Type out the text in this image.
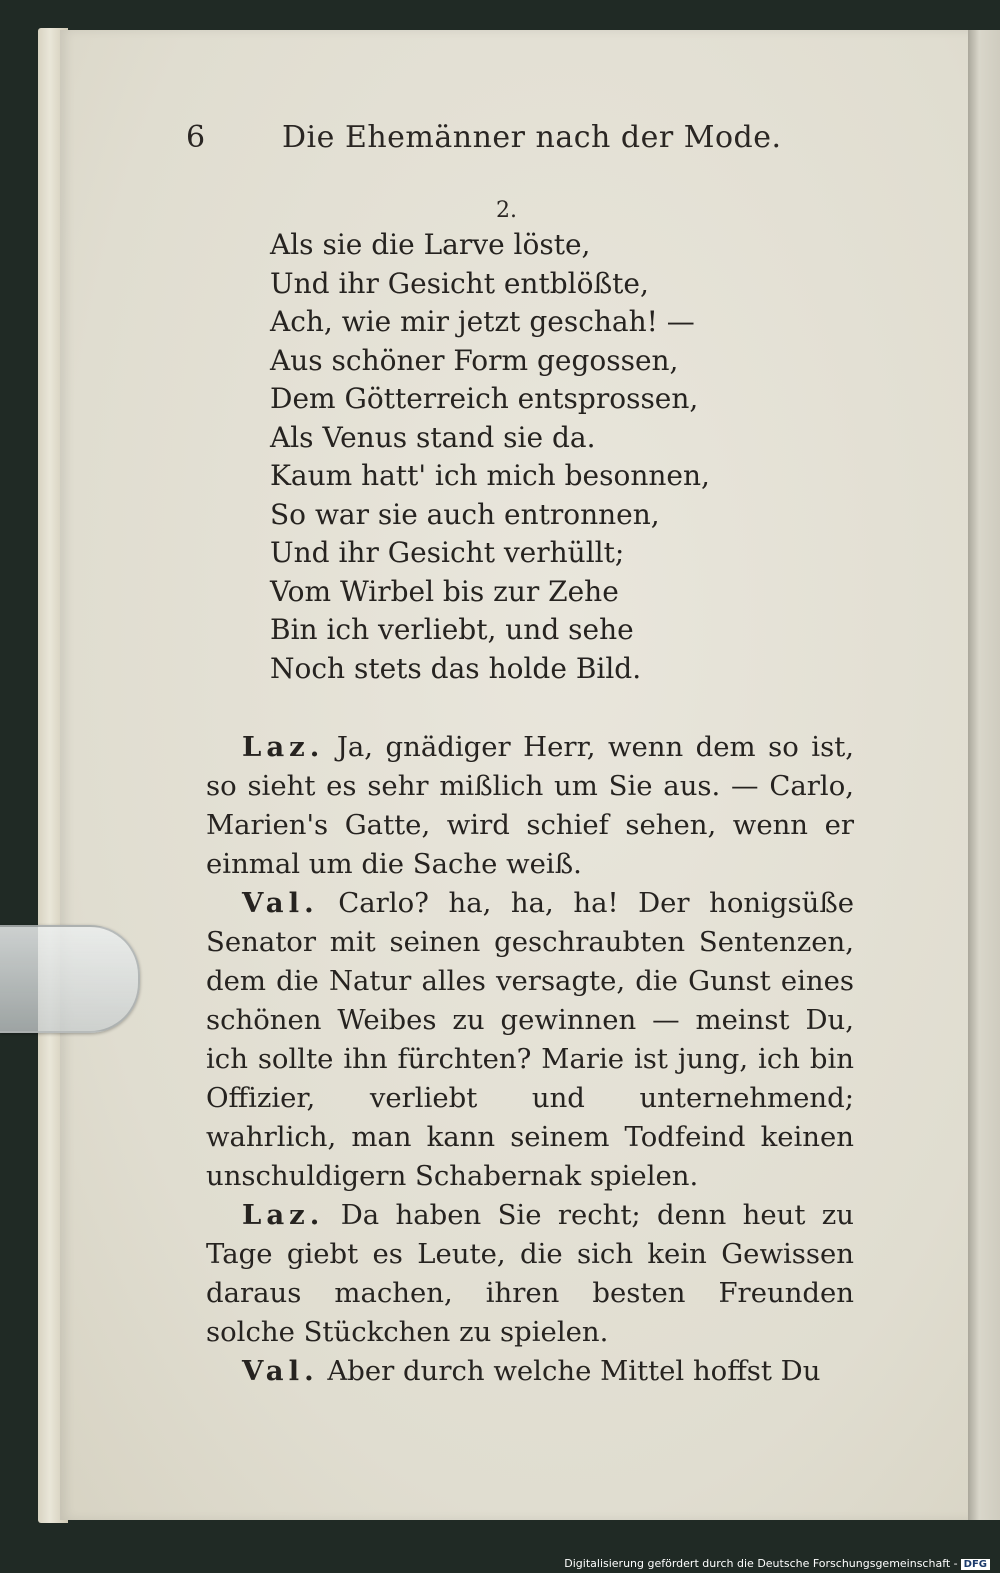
6	Die Ehemänner nach der Mode.
2.
Als sie die Larve löste,
Und ihr Gesicht entblößte,
Ach, wie mir jetzt geschah! —
Aus schöner Form gegossen,
Dem Götterreich entsprossen,
Als Venus stand sie da.
Kaum hatt' ich mich besonnen,
So war sie auch entronnen,
Und ihr Gesicht verhüllt;
Vom Wirbel bis zur Zehe
Bin ich verliebt, und sehe
Noch stets das holde Bild.

Laz. Ja, gnädiger Herr, wenn dem so ist, so sieht es sehr mißlich um Sie aus. — Carlo, Marien's Gatte, wird schief sehen, wenn er einmal um die Sache weiß.

Val. Carlo? ha, ha, ha! Der honigsüße Senator mit seinen geschraubten Sentenzen, dem die Natur alles versagte, die Gunst eines schönen Weibes zu gewinnen — meinst Du, ich sollte ihn fürchten? Marie ist jung, ich bin Offizier, verliebt und unternehmend; wahrlich, man kann seinem Todfeind keinen unschuldigern Schabernak spielen.

Laz. Da haben Sie recht; denn heut zu Tage giebt es Leute, die sich kein Gewissen daraus machen, ihren besten Freunden solche Stückchen zu spielen.

Val. Aber durch welche Mittel hoffst Du

Digitalisierung gefördert durch die Deutsche Forschungsgemeinschaft - DFG
